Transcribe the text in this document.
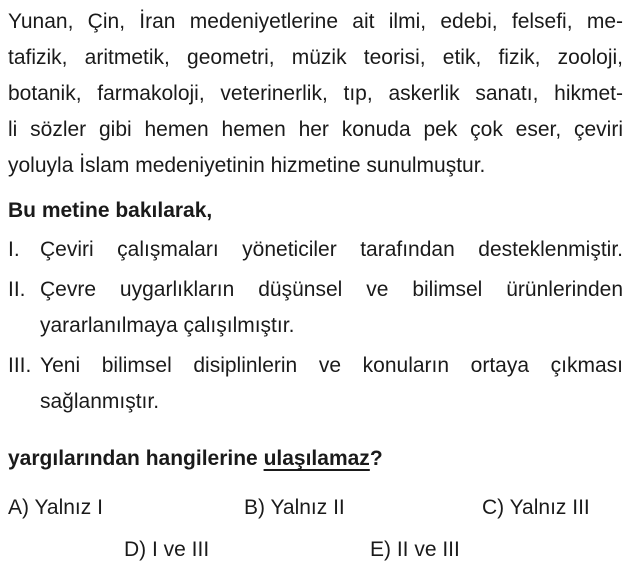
Yunan, Çin, İran medeniyetlerine ait ilmi, edebi, felsefi, me-
tafizik, aritmetik, geometri, müzik teorisi, etik, fizik, zooloji,
botanik, farmakoloji, veterinerlik, tıp, askerlik sanatı, hikmet-
li sözler gibi hemen hemen her konuda pek çok eser, çeviri
yoluyla İslam medeniyetinin hizmetine sunulmuştur.
Bu metine bakılarak,
I. Çeviri çalışmaları yöneticiler tarafından desteklenmiştir.
II. Çevre uygarlıkların düşünsel ve bilimsel ürünlerinden
yararlanılmaya çalışılmıştır.
III. Yeni bilimsel disiplinlerin ve konuların ortaya çıkması
sağlanmıştır.
yargılarından hangilerine ulaşılamaz?
A) Yalnız I	B) Yalnız II	C) Yalnız III
D) I ve III	E) II ve III
